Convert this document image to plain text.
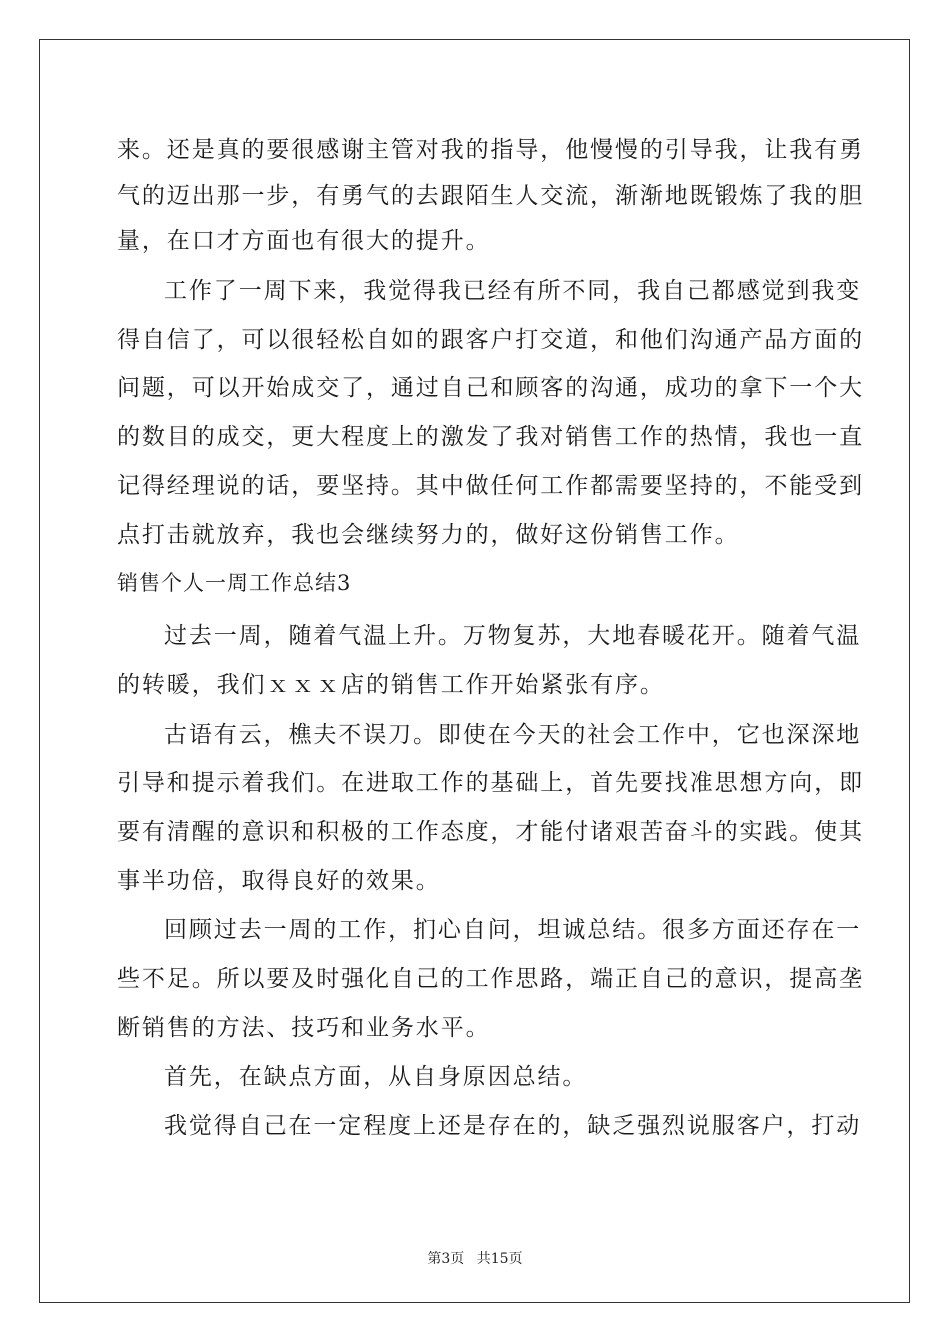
来。还是真的要很感谢主管对我的指导，他慢慢的引导我，让我有勇
气的迈出那一步，有勇气的去跟陌生人交流，渐渐地既锻炼了我的胆
量，在口才方面也有很大的提升。
工作了一周下来，我觉得我已经有所不同，我自己都感觉到我变
得自信了，可以很轻松自如的跟客户打交道，和他们沟通产品方面的
问题，可以开始成交了，通过自己和顾客的沟通，成功的拿下一个大
的数目的成交，更大程度上的激发了我对销售工作的热情，我也一直
记得经理说的话，要坚持。其中做任何工作都需要坚持的，不能受到
点打击就放弃，我也会继续努力的，做好这份销售工作。
销售个人一周工作总结3
过去一周，随着气温上升。万物复苏，大地春暖花开。随着气温
的转暖，我们ｘｘｘ店的销售工作开始紧张有序。
古语有云，樵夫不误刀。即使在今天的社会工作中，它也深深地
引导和提示着我们。在进取工作的基础上，首先要找准思想方向，即
要有清醒的意识和积极的工作态度，才能付诸艰苦奋斗的实践。使其
事半功倍，取得良好的效果。
回顾过去一周的工作，扪心自问，坦诚总结。很多方面还存在一
些不足。所以要及时强化自己的工作思路，端正自己的意识，提高垄
断销售的方法、技巧和业务水平。
首先，在缺点方面，从自身原因总结。
我觉得自己在一定程度上还是存在的，缺乏强烈说服客户，打动
第3页 共15页
